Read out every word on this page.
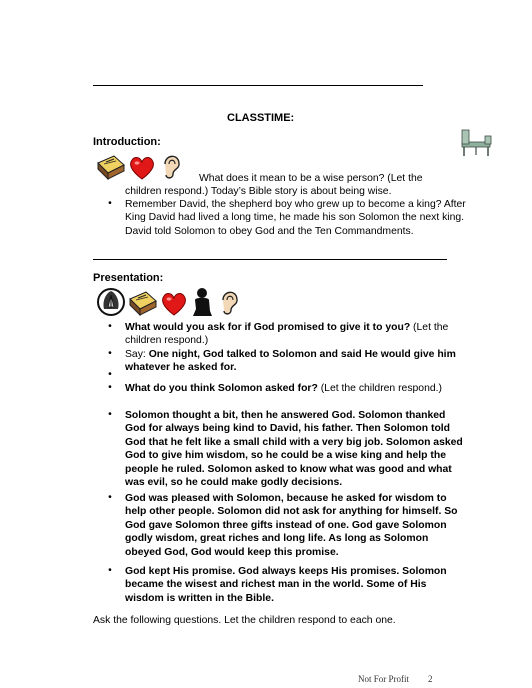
CLASSTIME:
Introduction:
What does it mean to be a wise person? (Let the
children respond.) Today’s Bible story is about being wise.
• Remember David, the shepherd boy who grew up to become a king? After King David had lived a long time, he made his son Solomon the next king. David told Solomon to obey God and the Ten Commandments.
Presentation:
• What would you ask for if God promised to give it to you? (Let the children respond.)
• Say: One night, God talked to Solomon and said He would give him whatever he asked for.
•
• What do you think Solomon asked for? (Let the children respond.)
• Solomon thought a bit, then he answered God. Solomon thanked God for always being kind to David, his father. Then Solomon told God that he felt like a small child with a very big job. Solomon asked God to give him wisdom, so he could be a wise king and help the people he ruled. Solomon asked to know what was good and what was evil, so he could make godly decisions.
• God was pleased with Solomon, because he asked for wisdom to help other people. Solomon did not ask for anything for himself. So God gave Solomon three gifts instead of one. God gave Solomon godly wisdom, great riches and long life. As long as Solomon obeyed God, God would keep this promise.
• God kept His promise. God always keeps His promises. Solomon became the wisest and richest man in the world. Some of His wisdom is written in the Bible.
Ask the following questions. Let the children respond to each one.
Not For Profit 2
